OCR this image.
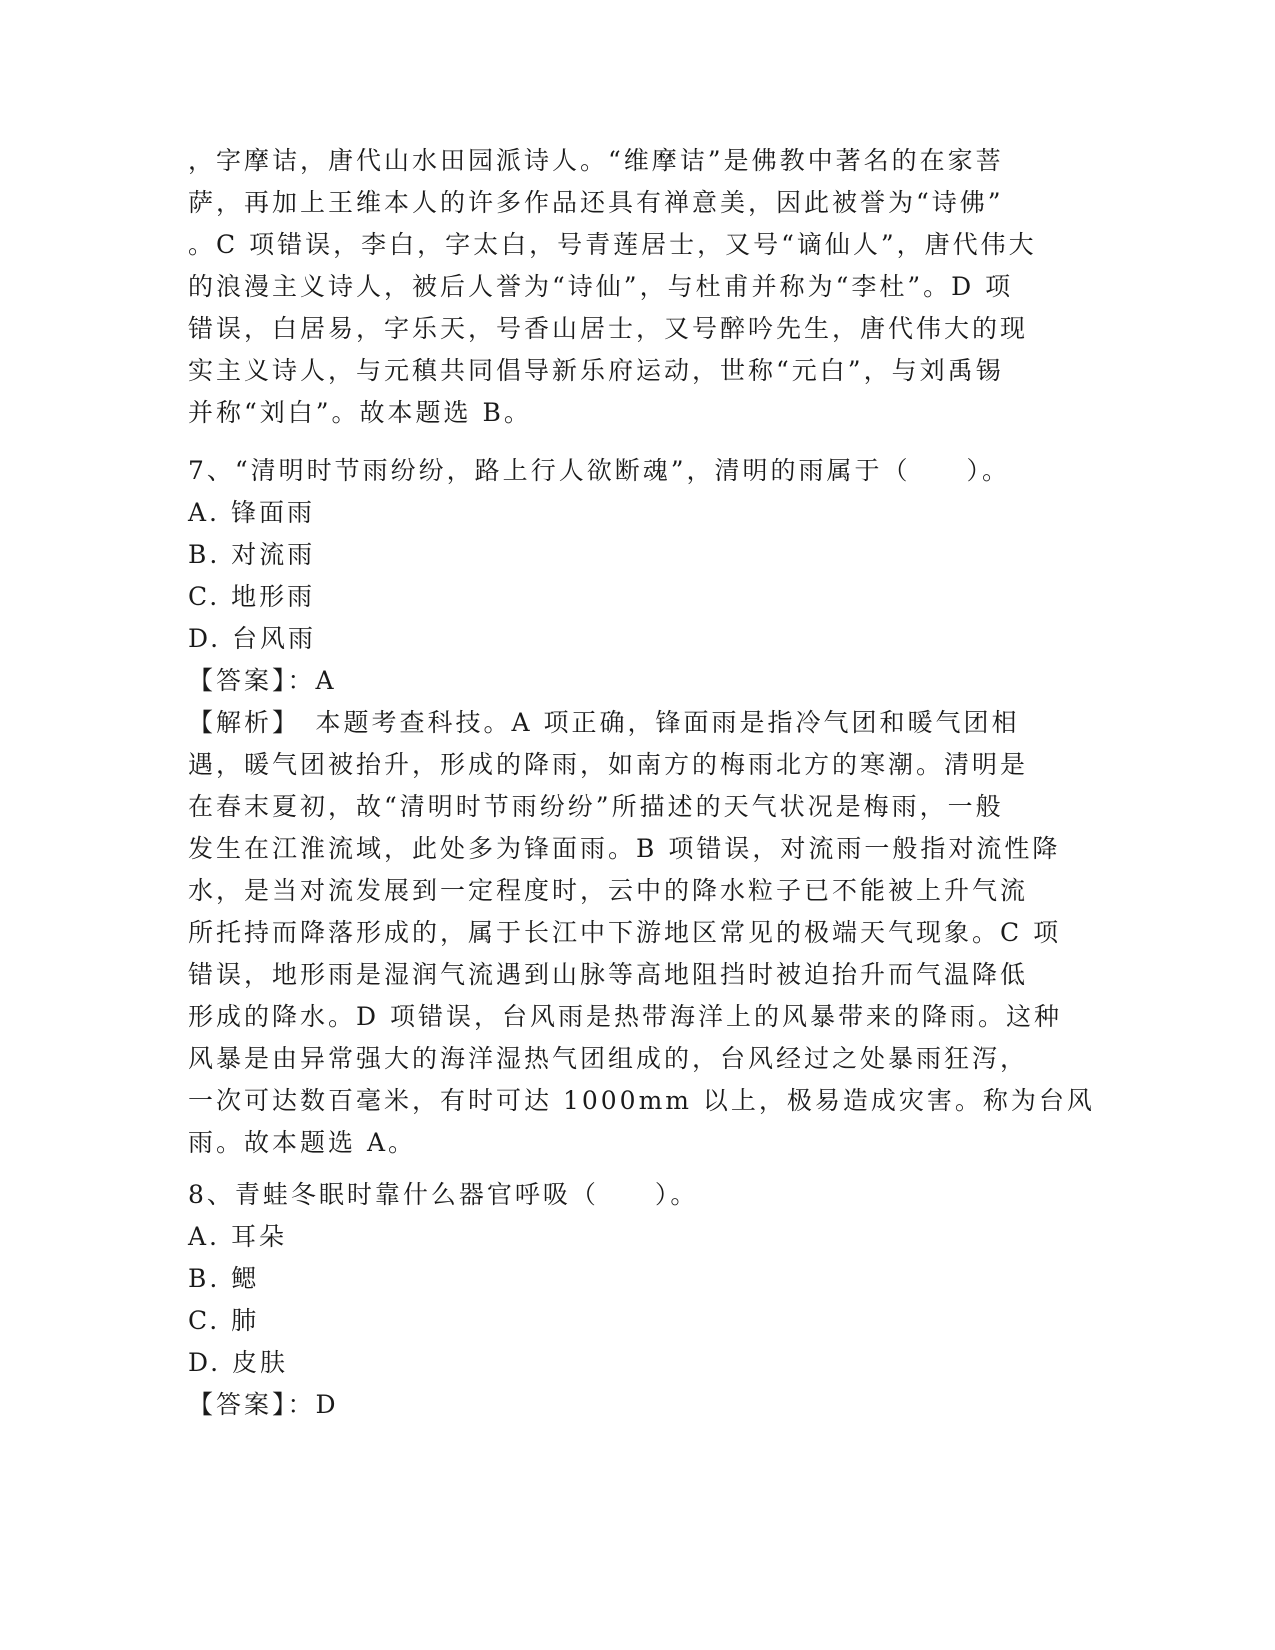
，字摩诘，唐代山水田园派诗人。“维摩诘”是佛教中著名的在家菩
萨，再加上王维本人的许多作品还具有禅意美，因此被誉为“诗佛”
。C 项错误，李白，字太白，号青莲居士，又号“谪仙人”，唐代伟大
的浪漫主义诗人，被后人誉为“诗仙”，与杜甫并称为“李杜”。D 项
错误，白居易，字乐天，号香山居士，又号醉吟先生，唐代伟大的现
实主义诗人，与元稹共同倡导新乐府运动，世称“元白”，与刘禹锡
并称“刘白”。故本题选 B。
7、“清明时节雨纷纷，路上行人欲断魂”，清明的雨属于（　　）。
A. 锋面雨
B. 对流雨
C. 地形雨
D. 台风雨
【答案】：A
【解析】　本题考查科技。A 项正确，锋面雨是指冷气团和暖气团相
遇，暖气团被抬升，形成的降雨，如南方的梅雨北方的寒潮。清明是
在春末夏初，故“清明时节雨纷纷”所描述的天气状况是梅雨，一般
发生在江淮流域，此处多为锋面雨。B 项错误，对流雨一般指对流性降
水，是当对流发展到一定程度时，云中的降水粒子已不能被上升气流
所托持而降落形成的，属于长江中下游地区常见的极端天气现象。C 项
错误，地形雨是湿润气流遇到山脉等高地阻挡时被迫抬升而气温降低
形成的降水。D 项错误，台风雨是热带海洋上的风暴带来的降雨。这种
风暴是由异常强大的海洋湿热气团组成的，台风经过之处暴雨狂泻，
一次可达数百毫米，有时可达 1000mm 以上，极易造成灾害。称为台风
雨。故本题选 A。
8、青蛙冬眠时靠什么器官呼吸（　　）。
A. 耳朵
B. 鳃
C. 肺
D. 皮肤
【答案】：D
